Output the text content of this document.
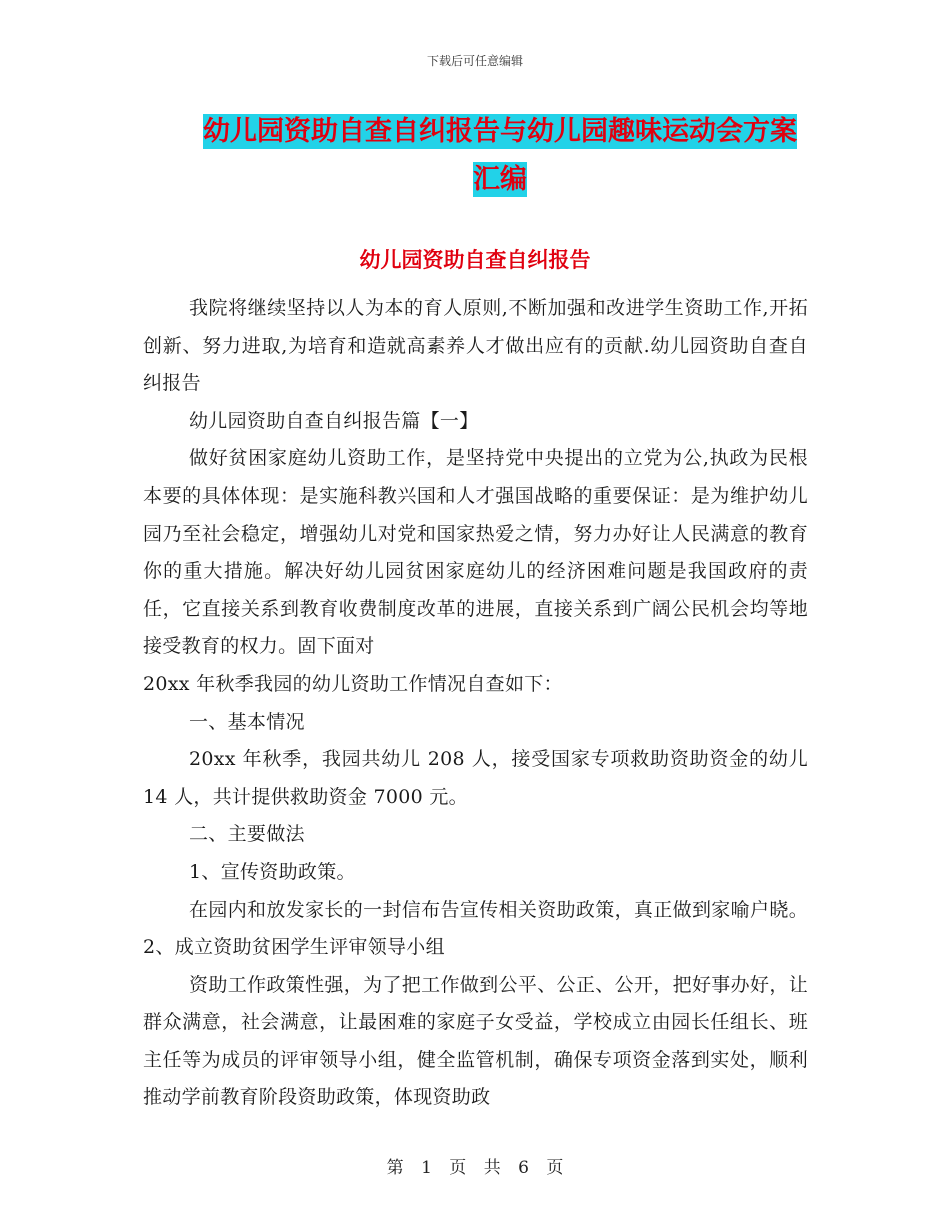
下载后可任意编辑
幼儿园资助自查自纠报告与幼儿园趣味运动会方案汇编
幼儿园资助自查自纠报告

我院将继续坚持以人为本的育人原则,不断加强和改进学生资助工作,开拓创新、努力进取,为培育和造就高素养人才做出应有的贡献.幼儿园资助自查自纠报告

幼儿园资助自查自纠报告篇【一】

做好贫困家庭幼儿资助工作，是坚持党中央提出的立党为公,执政为民根本要的具体体现：是实施科教兴国和人才强国战略的重要保证：是为维护幼儿园乃至社会稳定，增强幼儿对党和国家热爱之情，努力办好让人民满意的教育你的重大措施。解决好幼儿园贫困家庭幼儿的经济困难问题是我国政府的责任，它直接关系到教育收费制度改革的进展，直接关系到广阔公民机会均等地接受教育的权力。固下面对

20xx 年秋季我园的幼儿资助工作情况自查如下：

一、基本情况

20xx 年秋季，我园共幼儿 208 人，接受国家专项救助资助资金的幼儿 14 人，共计提供救助资金 7000 元。

二、主要做法

1、宣传资助政策。

在园内和放发家长的一封信布告宣传相关资助政策，真正做到家喻户晓。 2、成立资助贫困学生评审领导小组

资助工作政策性强，为了把工作做到公平、公正、公开，把好事办好，让群众满意，社会满意，让最困难的家庭子女受益，学校成立由园长任组长、班主任等为成员的评审领导小组，健全监管机制，确保专项资金落到实处，顺利推动学前教育阶段资助政策，体现资助政

第 1 页 共 6 页
